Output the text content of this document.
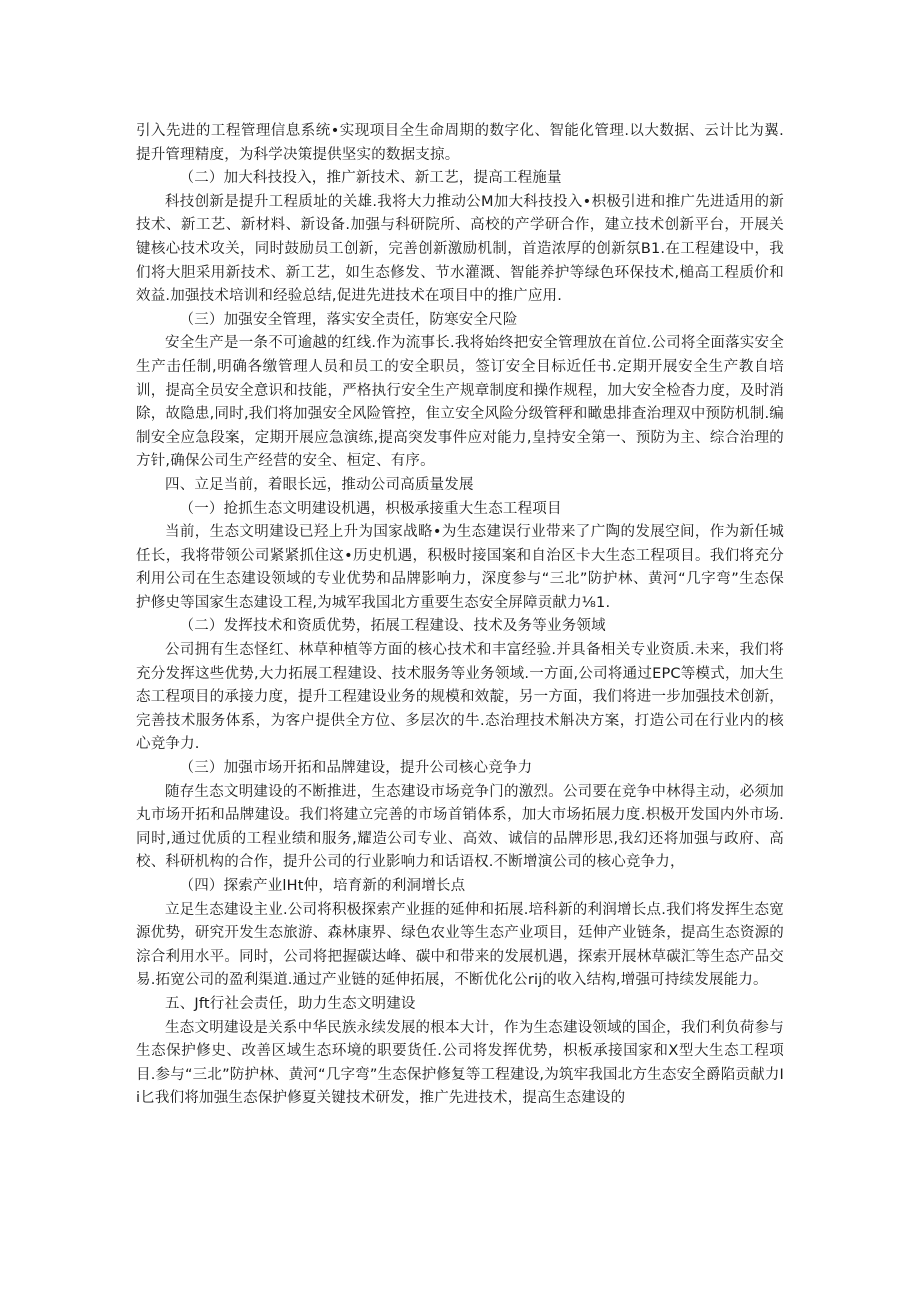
引入先进的工程管理信息系统•实现项目全生命周期的数字化、智能化管理.以大数据、云计比为翼.提升管理精度，为科学决策提供坚实的数据支掠。

（二）加大科技投入，推广新技术、新工艺，提高工程施量

科技创新是提升工程质址的关雄.我将大力推动公M加大科技投入•枳极引进和推广先进适用的新技术、新工艺、新材料、新设备.加强与科研院所、高校的产学研合作，建立技术创新平台，开展关键核心技术攻关，同时鼓励员工创新，完善创新激励机制，首造浓厚的创新氛B1.在工程建设中，我们将大胆采用新技术、新工艺，如生态修发、节水灌溉、智能养护等绿色环保技术,槌高工程质价和效益.加强技术培训和经验总结,促进先进技术在项目中的推广应用.

（三）加强安全管理，落实安全责任，防寒安全尺险

安全生产是一条不可逾越的红线.作为流事长.我将始终把安全管理放在首位.公司将全面落实安全生产击任制,明确各缴管理人员和员工的安全职员，签订安全目标近任书.定期开展安全生产教自培训，提高全员安全意识和技能，严格执行安全生产规章制度和操作规程，加大安全检杳力度，及时消除，故隐患,同时,我们将加强安全风险管控，隹立安全风险分级管秤和瞰患排査治理双中预防机制.编制安全应急段案，定期开展应急演练,提高突发事件应对能力,皇持安全第一、预防为主、综合治理的方针,确保公司生产经营的安全、桓定、有序。

四、立足当前，着眼长远，推动公司高质量发展

（一）抢抓生态文明建设机遇，枳极承接重大生态工程项目

当前，生态文明建设已羟上升为国家战略•为生态建误行业带来了广陶的发展空间，作为新任城任长，我将带领公司紧紧抓住这•历史机遇，积极时接国案和自治区卡大生态工程项目。我们将充分利用公司在生态建设领域的专业优势和品牌影响力，深度参与“三北”防护林、黄河“几字弯”生态保护修史等国家生态建设工程,为城军我国北方重要生态安全屏障贡献力⅛1.

（二）发挥技术和资质优势，拓展工程建设、技术及务等业务领域

公司拥有生态怪红、林草种植等方面的核心技术和丰富经验.并具备相关专业资质.未来，我们将充分发挥这些优势,大力拓展工程建设、技术服务等业务领域.一方面,公司将通过EPC等模式，加大生态工程项目的承接力度，提升工程建设业务的规模和效靛，另一方面，我们将进一步加强技术创新，完善技术服务体系，为客户提供全方位、多层次的牛.态治理技术斛决方案，打造公司在行业内的核心竞争力.

（三）加强市场开拓和品牌建设，提升公司核心竞争力

随存生态文明建设的不断推进，生态建设市场竞争门的激烈。公司要在竞争中林得主动，必须加丸市场开拓和品牌建设。我们将建立完善的市场首销体系，加大市场拓展力度.枳极开发国内外市场.同时,通过优质的工程业绩和服务,耀造公司专业、高效、诚信的品牌形思,我幻还将加强与政府、高校、科研机构的合作，提升公司的行业影响力和话语权.不断增演公司的核心竞争力，

（四）探索产业lHt仲，培育新的利洞增长点

立足生态建设主业.公司将积极探索产业捱的延伸和拓展.培科新的利润增长点.我们将发挥生态宽源优势，研究开发生态旅游、森林康界、绿色农业等生态产业项目，廷伸产业链条，提高生态资源的淙合利用水平。同时，公司将把握碳达峰、碳中和带来的发展机遇，探索开展林草碳汇等生态产品交易.拓宽公司的盈利渠道.通过产业链的延伸拓展，不断优化公rij的收入结构,增强可持续发展能力。

五、Jft行社会责任，助力生态文明建设

生态文明建设是关系中华民族永续发展的根本大计，作为生态建设领域的国企，我们利负荷参与生态保护修史、改善区域生态环境的职要货任.公司将发挥优势，枳板承接国家和X型大生态工程项目.参与“三北”防护林、黄河“几字弯”生态保护修复等工程建设,为筑牢我国北方生态安全爵陷贡献力Ii匕我们将加强生态保护修夏关键技术研发，推广先进技术，提高生态建设的
